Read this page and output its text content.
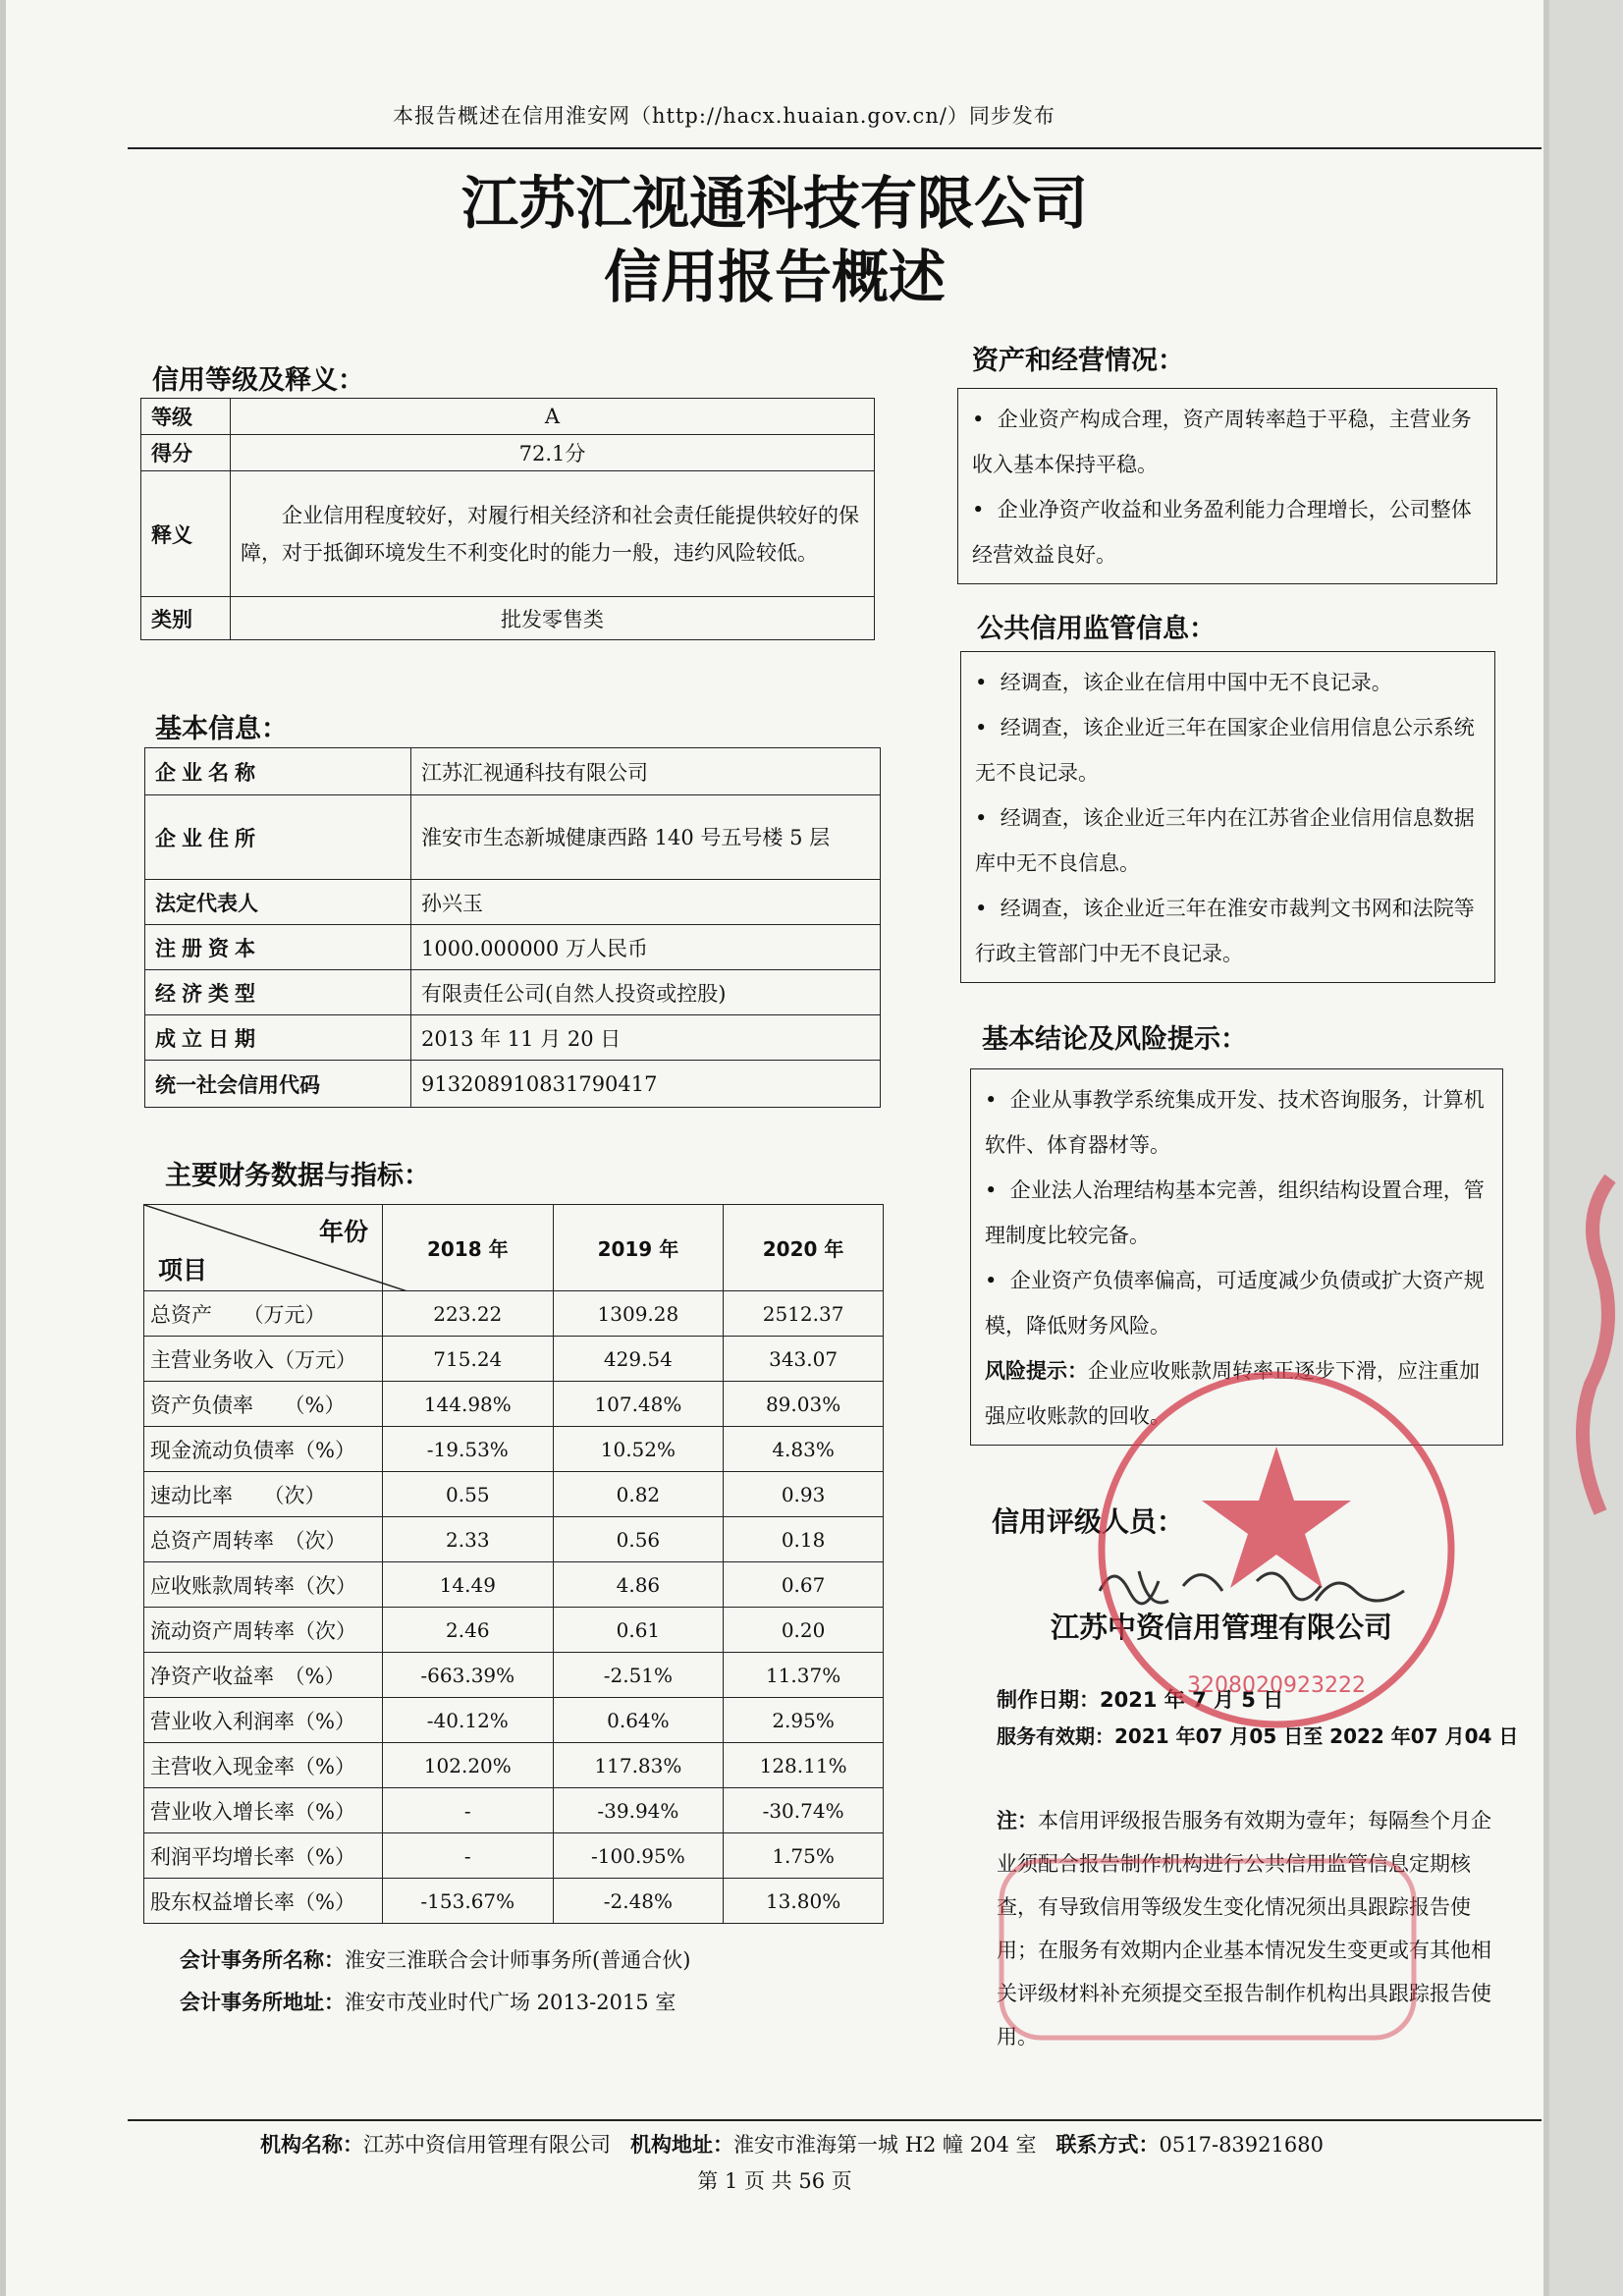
本报告概述在信用淮安网（http://hacx.huaian.gov.cn/）同步发布
江苏汇视通科技有限公司
信用报告概述
信用等级及释义：
等级	A
得分	72.1分
释义	企业信用程度较好，对履行相关经济和社会责任能提供较好的保障，对于抵御环境发生不利变化时的能力一般，违约风险较低。
类别	批发零售类
基本信息：
企业名称	江苏汇视通科技有限公司
企业住所	淮安市生态新城健康西路 140 号五号楼 5 层
法定代表人	孙兴玉
注册资本	1000.000000 万人民币
经济类型	有限责任公司(自然人投资或控股)
成立日期	2013 年 11 月 20 日
统一社会信用代码	913208910831790417
主要财务数据与指标：
年份
项目	2018 年	2019 年	2020 年
总资产　　（万元）	223.22	1309.28	2512.37
主营业务收入（万元）	715.24	429.54	343.07
资产负债率　　（%）	144.98%	107.48%	89.03%
现金流动负债率（%）	-19.53%	10.52%	4.83%
速动比率　　（次）	0.55	0.82	0.93
总资产周转率　（次）	2.33	0.56	0.18
应收账款周转率（次）	14.49	4.86	0.67
流动资产周转率（次）	2.46	0.61	0.20
净资产收益率　（%）	-663.39%	-2.51%	11.37%
营业收入利润率（%）	-40.12%	0.64%	2.95%
主营收入现金率（%）	102.20%	117.83%	128.11%
营业收入增长率（%）	-	-39.94%	-30.74%
利润平均增长率（%）	-	-100.95%	1.75%
股东权益增长率（%）	-153.67%	-2.48%	13.80%
会计事务所名称：淮安三淮联合会计师事务所(普通合伙)
会计事务所地址：淮安市茂业时代广场 2013-2015 室
资产和经营情况：

•  企业资产构成合理，资产周转率趋于平稳，主营业务收入基本保持平稳。

•  企业净资产收益和业务盈利能力合理增长，公司整体经营效益良好。

公共信用监管信息：

•  经调查，该企业在信用中国中无不良记录。

•  经调查，该企业近三年在国家企业信用信息公示系统无不良记录。

•  经调查，该企业近三年内在江苏省企业信用信息数据库中无不良信息。

•  经调查，该企业近三年在淮安市裁判文书网和法院等行政主管部门中无不良记录。

基本结论及风险提示：

•  企业从事教学系统集成开发、技术咨询服务，计算机软件、体育器材等。

•  企业法人治理结构基本完善，组织结构设置合理，管理制度比较完备。

•  企业资产负债率偏高，可适度减少负债或扩大资产规模，降低财务风险。

风险提示：企业应收账款周转率正逐步下滑，应注重加强应收账款的回收。

信用评级人员：
江苏中资信用管理有限公司
制作日期：2021 年 7 月 5 日
服务有效期：2021 年07 月05 日至 2022 年07 月04 日
注：本信用评级报告服务有效期为壹年；每隔叁个月企业须配合报告制作机构进行公共信用监管信息定期核查，有导致信用等级发生变化情况须出具跟踪报告使用；在服务有效期内企业基本情况发生变更或有其他相关评级材料补充须提交至报告制作机构出具跟踪报告使用。
3208020923222
机构名称：江苏中资信用管理有限公司 机构地址：淮安市淮海第一城 H2 幢 204 室 联系方式：0517-83921680
第 1 页 共 56 页
